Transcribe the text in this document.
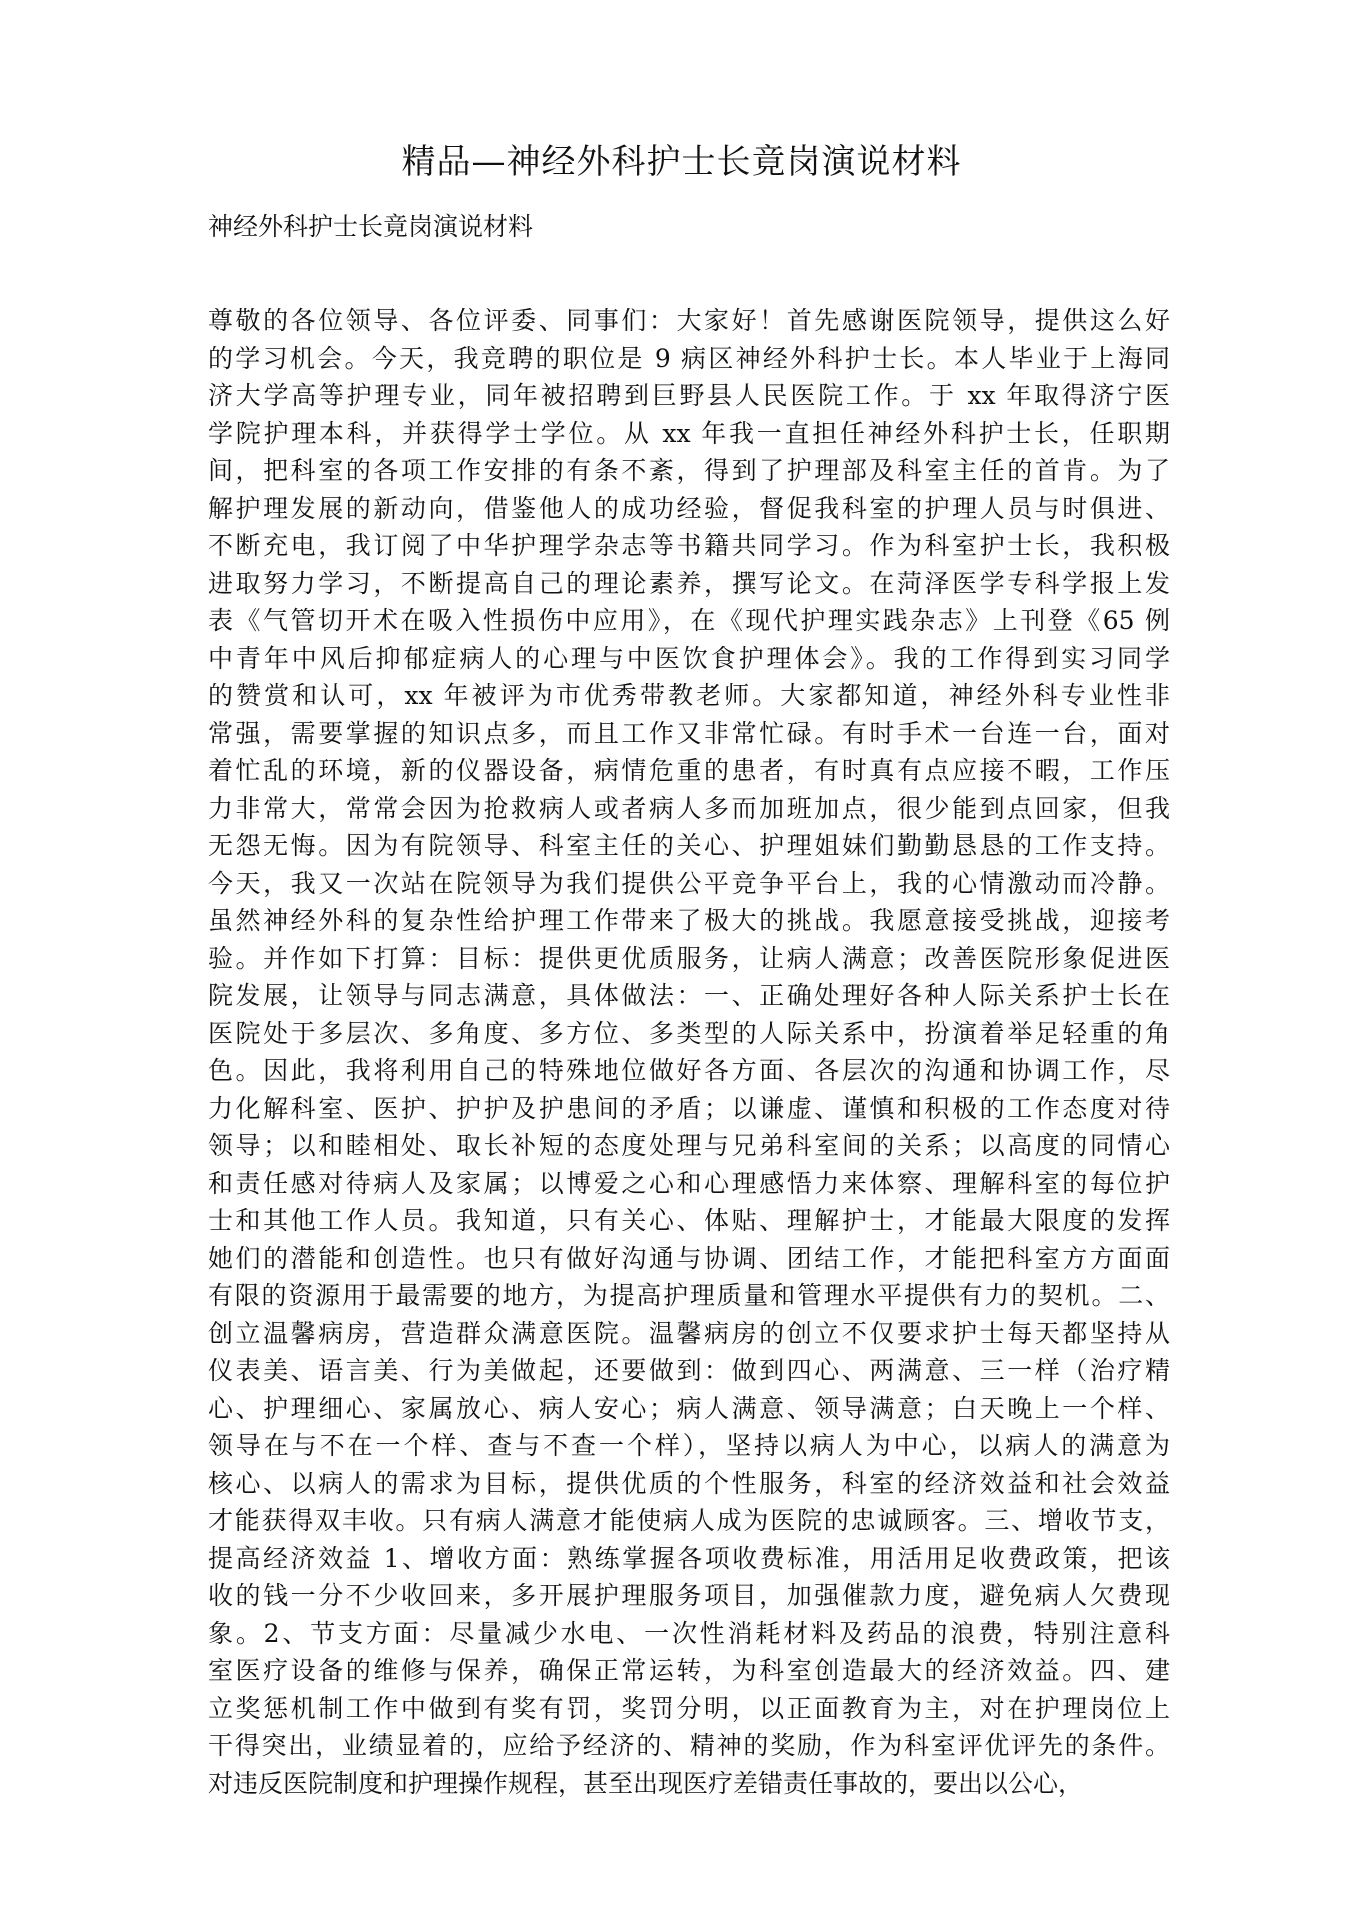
精品—神经外科护士长竟岗演说材料

神经外科护士长竟岗演说材料

尊敬的各位领导、各位评委、同事们：大家好！首先感谢医院领导，提供这么好
的学习机会。今天，我竞聘的职位是 9 病区神经外科护士长。本人毕业于上海同
济大学高等护理专业，同年被招聘到巨野县人民医院工作。于 xx 年取得济宁医
学院护理本科，并获得学士学位。从 xx 年我一直担任神经外科护士长，任职期
间，把科室的各项工作安排的有条不紊，得到了护理部及科室主任的首肯。为了
解护理发展的新动向，借鉴他人的成功经验，督促我科室的护理人员与时俱进、
不断充电，我订阅了中华护理学杂志等书籍共同学习。作为科室护士长，我积极
进取努力学习，不断提高自己的理论素养，撰写论文。在菏泽医学专科学报上发
表《气管切开术在吸入性损伤中应用》，在《现代护理实践杂志》上刊登《65 例
中青年中风后抑郁症病人的心理与中医饮食护理体会》。我的工作得到实习同学
的赞赏和认可，xx 年被评为市优秀带教老师。大家都知道，神经外科专业性非
常强，需要掌握的知识点多，而且工作又非常忙碌。有时手术一台连一台，面对
着忙乱的环境，新的仪器设备，病情危重的患者，有时真有点应接不暇，工作压
力非常大，常常会因为抢救病人或者病人多而加班加点，很少能到点回家，但我
无怨无悔。因为有院领导、科室主任的关心、护理姐妹们勤勤恳恳的工作支持。
今天，我又一次站在院领导为我们提供公平竞争平台上，我的心情激动而冷静。
虽然神经外科的复杂性给护理工作带来了极大的挑战。我愿意接受挑战，迎接考
验。并作如下打算：目标：提供更优质服务，让病人满意；改善医院形象促进医
院发展，让领导与同志满意，具体做法：一、正确处理好各种人际关系护士长在
医院处于多层次、多角度、多方位、多类型的人际关系中，扮演着举足轻重的角
色。因此，我将利用自己的特殊地位做好各方面、各层次的沟通和协调工作，尽
力化解科室、医护、护护及护患间的矛盾；以谦虚、谨慎和积极的工作态度对待
领导；以和睦相处、取长补短的态度处理与兄弟科室间的关系；以高度的同情心
和责任感对待病人及家属；以博爱之心和心理感悟力来体察、理解科室的每位护
士和其他工作人员。我知道，只有关心、体贴、理解护士，才能最大限度的发挥
她们的潜能和创造性。也只有做好沟通与协调、团结工作，才能把科室方方面面
有限的资源用于最需要的地方，为提高护理质量和管理水平提供有力的契机。二、
创立温馨病房，营造群众满意医院。温馨病房的创立不仅要求护士每天都坚持从
仪表美、语言美、行为美做起，还要做到：做到四心、两满意、三一样（治疗精
心、护理细心、家属放心、病人安心；病人满意、领导满意；白天晚上一个样、
领导在与不在一个样、查与不查一个样），坚持以病人为中心，以病人的满意为
核心、以病人的需求为目标，提供优质的个性服务，科室的经济效益和社会效益
才能获得双丰收。只有病人满意才能使病人成为医院的忠诚顾客。三、增收节支，
提高经济效益 1、增收方面：熟练掌握各项收费标准，用活用足收费政策，把该
收的钱一分不少收回来，多开展护理服务项目，加强催款力度，避免病人欠费现
象。2、节支方面：尽量减少水电、一次性消耗材料及药品的浪费，特别注意科
室医疗设备的维修与保养，确保正常运转，为科室创造最大的经济效益。四、建
立奖惩机制工作中做到有奖有罚，奖罚分明，以正面教育为主，对在护理岗位上
干得突出，业绩显着的，应给予经济的、精神的奖励，作为科室评优评先的条件。
对违反医院制度和护理操作规程，甚至出现医疗差错责任事故的，要出以公心，
